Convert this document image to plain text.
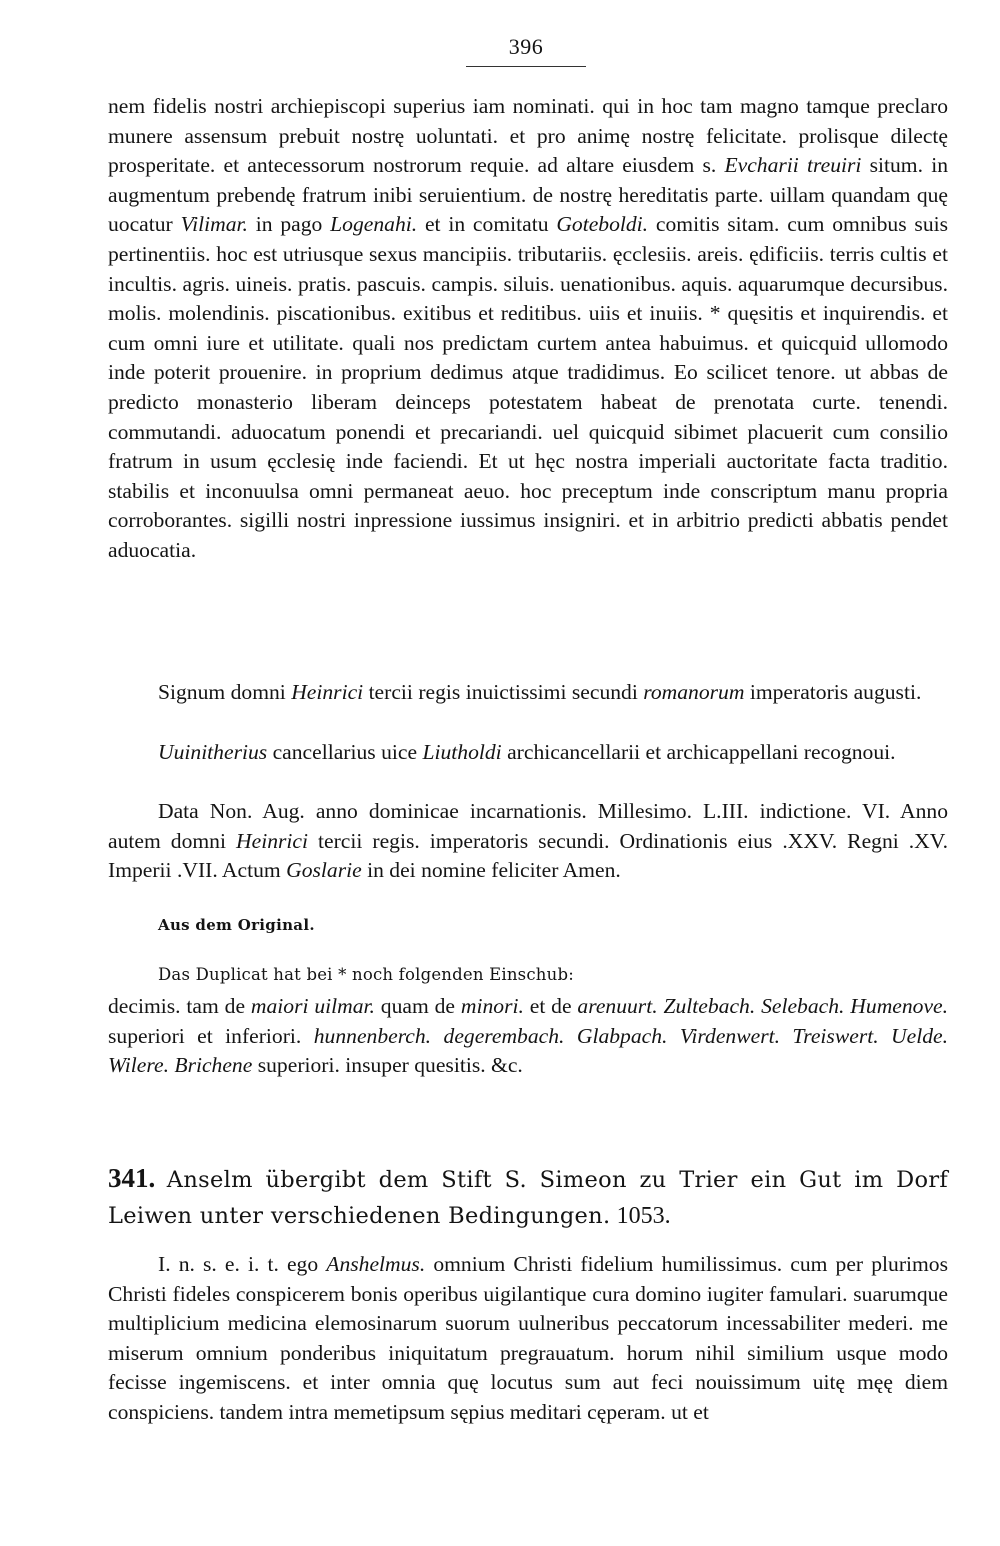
396

nem fidelis nostri archiepiscopi superius iam nominati. qui in hoc tam magno tamque preclaro munere assensum prebuit nostrę uoluntati. et pro animę nostrę felicitate. prolisque dilectę prosperitate. et antecessorum nostrorum requie. ad altare eiusdem s. Evcharii treuiri situm. in augmentum prebendę fratrum inibi seruientium. de nostrę hereditatis parte. uillam quandam quę uocatur Vilimar. in pago Logenahi. et in comitatu Goteboldi. comitis sitam. cum omnibus suis pertinentiis. hoc est utriusque sexus mancipiis. tributariis. ęcclesiis. areis. ędificiis. terris cultis et incultis. agris. uineis. pratis. pascuis. campis. siluis. uenationibus. aquis. aquarumque decursibus. molis. molendinis. piscationibus. exitibus et reditibus. uiis et inuiis. * quęsitis et inquirendis. et cum omni iure et utilitate. quali nos predictam curtem antea habuimus. et quicquid ullomodo inde poterit prouenire. in proprium dedimus atque tradidimus. Eo scilicet tenore. ut abbas de predicto monasterio liberam deinceps potestatem habeat de prenotata curte. tenendi. commutandi. aduocatum ponendi et precariandi. uel quicquid sibimet placuerit cum consilio fratrum in usum ęcclesię inde faciendi. Et ut hęc nostra imperiali auctoritate facta traditio. stabilis et inconuulsa omni permaneat aeuo. hoc preceptum inde conscriptum manu propria corroborantes. sigilli nostri inpressione iussimus insigniri. et in arbitrio predicti abbatis pendet aduocatia.

Signum domni Heinrici tercii regis inuictissimi secundi romanorum imperatoris augusti.

Uuinitherius cancellarius uice Liutholdi archicancellarii et archicappellani recognoui.

Data Non. Aug. anno dominicae incarnationis. Millesimo. L.III. indictione. VI. Anno autem domni Heinrici tercii regis. imperatoris secundi. Ordinationis eius .XXV. Regni .XV. Imperii .VII. Actum Goslarie in dei nomine feliciter Amen.

Aus dem Original.
Das Duplicat hat bei * noch folgenden Einschub:

decimis. tam de maiori uilmar. quam de minori. et de arenuurt. Zultebach. Selebach. Humenove. superiori et inferiori. hunnenberch. degerembach. Glabpach. Virdenwert. Treiswert. Uelde. Wilere. Brichene superiori. insuper quesitis. &c.

341. Anselm übergibt dem Stift S. Simeon zu Trier ein Gut im Dorf Leiwen unter verschiedenen Bedingungen. 1053.

I. n. s. e. i. t. ego Anshelmus. omnium Christi fidelium humilissimus. cum per plurimos Christi fideles conspicerem bonis operibus uigilantique cura domino iugiter famulari. suarumque multiplicium medicina elemosinarum suorum uulneribus peccatorum incessabiliter mederi. me miserum omnium ponderibus iniquitatum pregrauatum. horum nihil similium usque modo fecisse ingemiscens. et inter omnia quę locutus sum aut feci nouissimum uitę męę diem conspiciens. tandem intra memetipsum sępius meditari cęperam. ut et
